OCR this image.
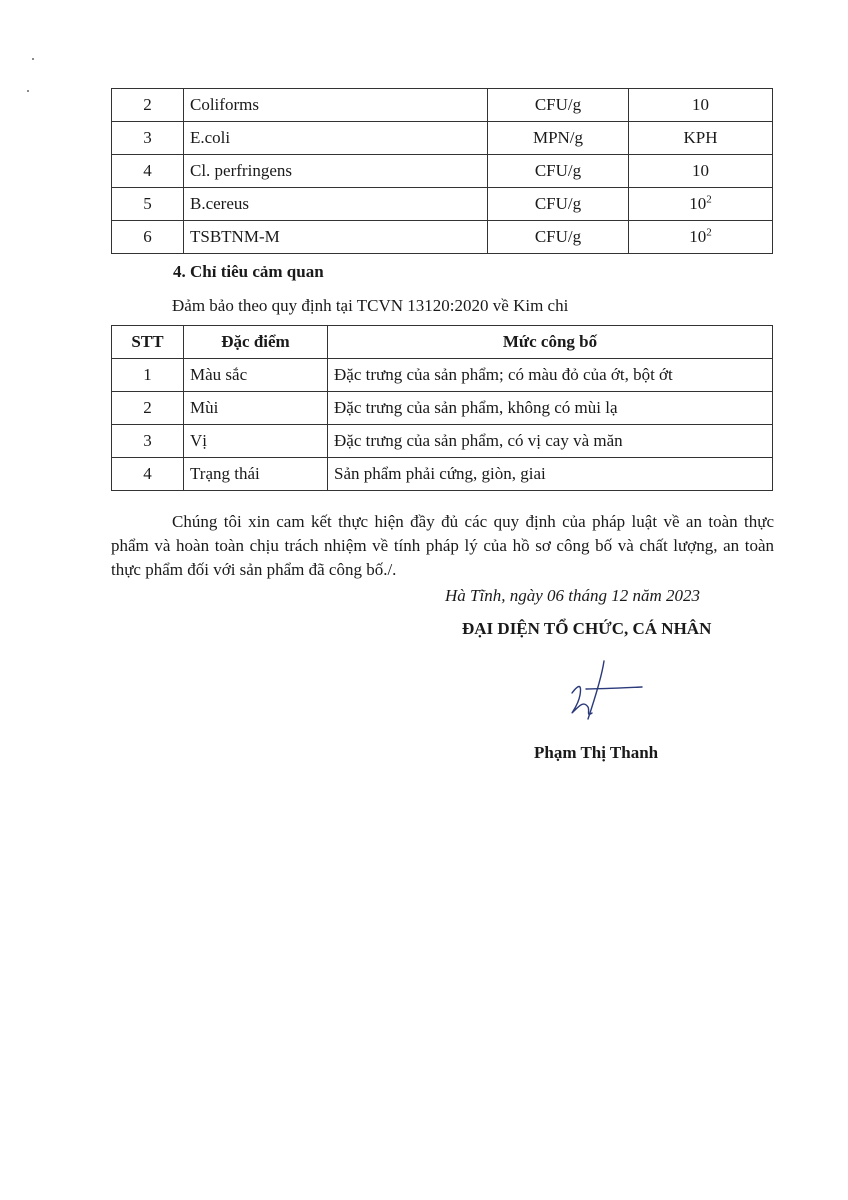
2	Coliforms	CFU/g	10
3	E.coli	MPN/g	KPH
4	Cl. perfringens	CFU/g	10
5	B.cereus	CFU/g	$10^2$
6	TSBTNM-M	CFU/g	$10^2$
4. Chỉ tiêu cảm quan
Đảm bảo theo quy định tại TCVN 13120:2020 về Kim chi
STT	Đặc điểm	Mức công bố
1	Màu sắc	Đặc trưng của sản phẩm; có màu đỏ của ớt, bột ớt
2	Mùi	Đặc trưng của sản phẩm, không có mùi lạ
3	Vị	Đặc trưng của sản phẩm, có vị cay và măn
4	Trạng thái	Sản phẩm phải cứng, giòn, giai
Chúng tôi xin cam kết thực hiện đầy đủ các quy định của pháp luật về an toàn thực phẩm và hoàn toàn chịu trách nhiệm về tính pháp lý của hồ sơ công bố và chất lượng, an toàn thực phẩm đối với sản phẩm đã công bố./.
Hà Tĩnh, ngày 06 tháng 12 năm 2023
ĐẠI DIỆN TỔ CHỨC, CÁ NHÂN
Phạm Thị Thanh
